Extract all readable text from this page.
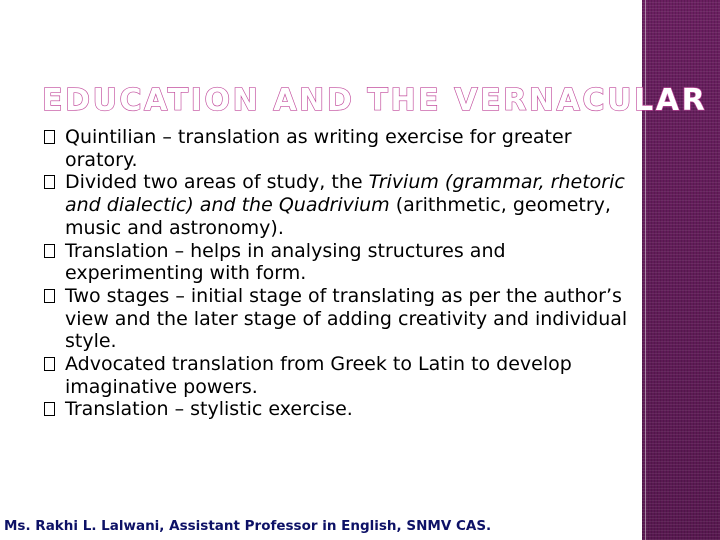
EDUCATION AND THE VERNACULAR
Quintilian – translation as writing exercise for greater oratory.
Divided two areas of study, the Trivium (grammar, rhetoric and dialectic) and the Quadrivium (arithmetic, geometry, music and astronomy).
Translation – helps in analysing structures and experimenting with form.
Two stages – initial stage of translating as per the author’s view and the later stage of adding creativity and individual style.
Advocated translation from Greek to Latin to develop imaginative powers.
Translation – stylistic exercise.
Ms. Rakhi L. Lalwani, Assistant Professor in English, SNMV CAS.
